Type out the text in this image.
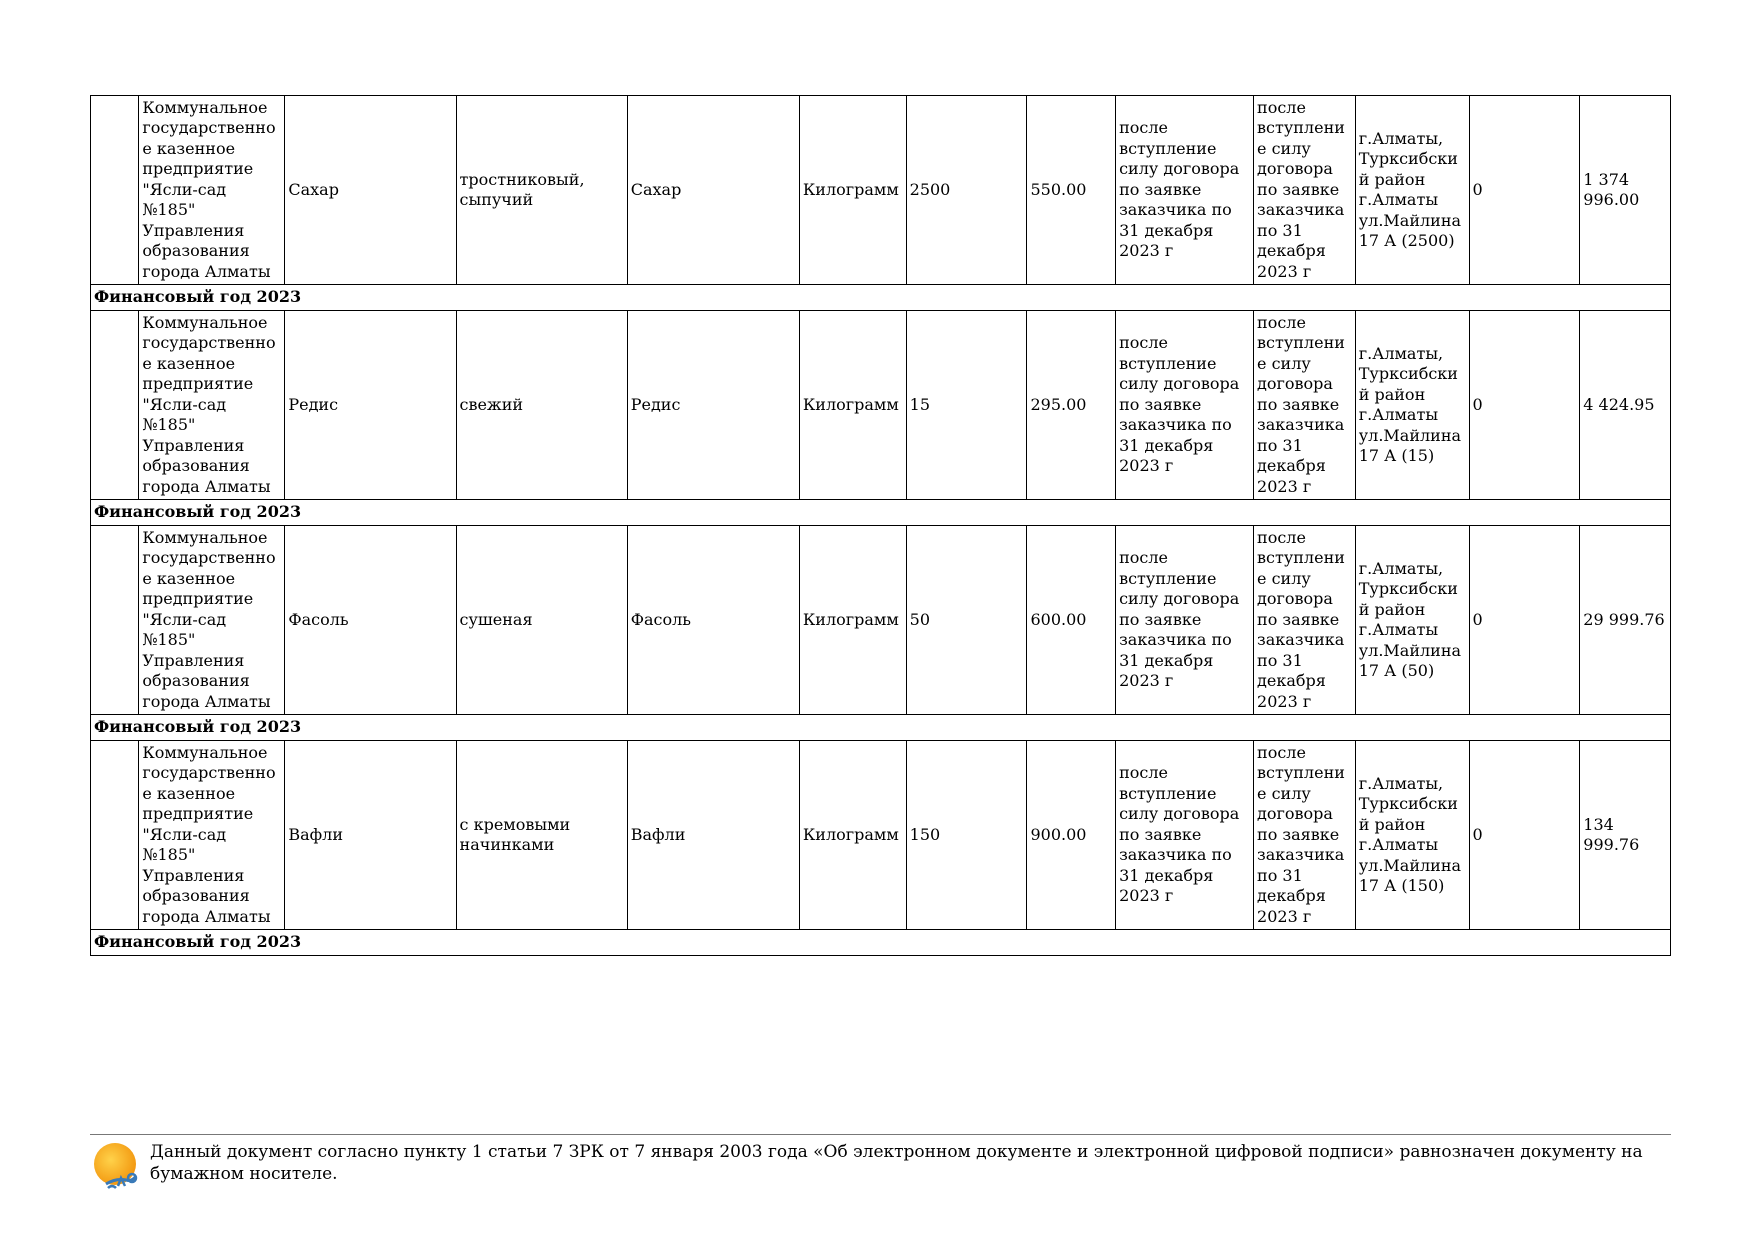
	Коммунальное государственное казенное предприятие "Ясли-сад №185" Управления образования города Алматы	Сахар	тростниковый, сыпучий	Сахар	Килограмм	2500	550.00	после вступление силу договора по заявке заказчика по 31 декабря 2023 г	после вступление силу договора по заявке заказчика по 31 декабря 2023 г	г.Алматы, Турксибский район г.Алматы ул.Майлина 17 А (2500)	0	1 374 996.00
Финансовый год 2023												
	Коммунальное государственное казенное предприятие "Ясли-сад №185" Управления образования города Алматы	Редис	свежий	Редис	Килограмм	15	295.00	после вступление силу договора по заявке заказчика по 31 декабря 2023 г	после вступление силу договора по заявке заказчика по 31 декабря 2023 г	г.Алматы, Турксибский район г.Алматы ул.Майлина 17 А (15)	0	4 424.95
Финансовый год 2023												
	Коммунальное государственное казенное предприятие "Ясли-сад №185" Управления образования города Алматы	Фасоль	сушеная	Фасоль	Килограмм	50	600.00	после вступление силу договора по заявке заказчика по 31 декабря 2023 г	после вступление силу договора по заявке заказчика по 31 декабря 2023 г	г.Алматы, Турксибский район г.Алматы ул.Майлина 17 А (50)	0	29 999.76
Финансовый год 2023												
	Коммунальное государственное казенное предприятие "Ясли-сад №185" Управления образования города Алматы	Вафли	с кремовыми начинками	Вафли	Килограмм	150	900.00	после вступление силу договора по заявке заказчика по 31 декабря 2023 г	после вступление силу договора по заявке заказчика по 31 декабря 2023 г	г.Алматы, Турксибский район г.Алматы ул.Майлина 17 А (150)	0	134 999.76
Финансовый год 2023												
Данный документ согласно пункту 1 статьи 7 ЗРК от 7 января 2003 года «Об электронном документе и электронной цифровой подписи» равнозначен документу на бумажном носителе.
